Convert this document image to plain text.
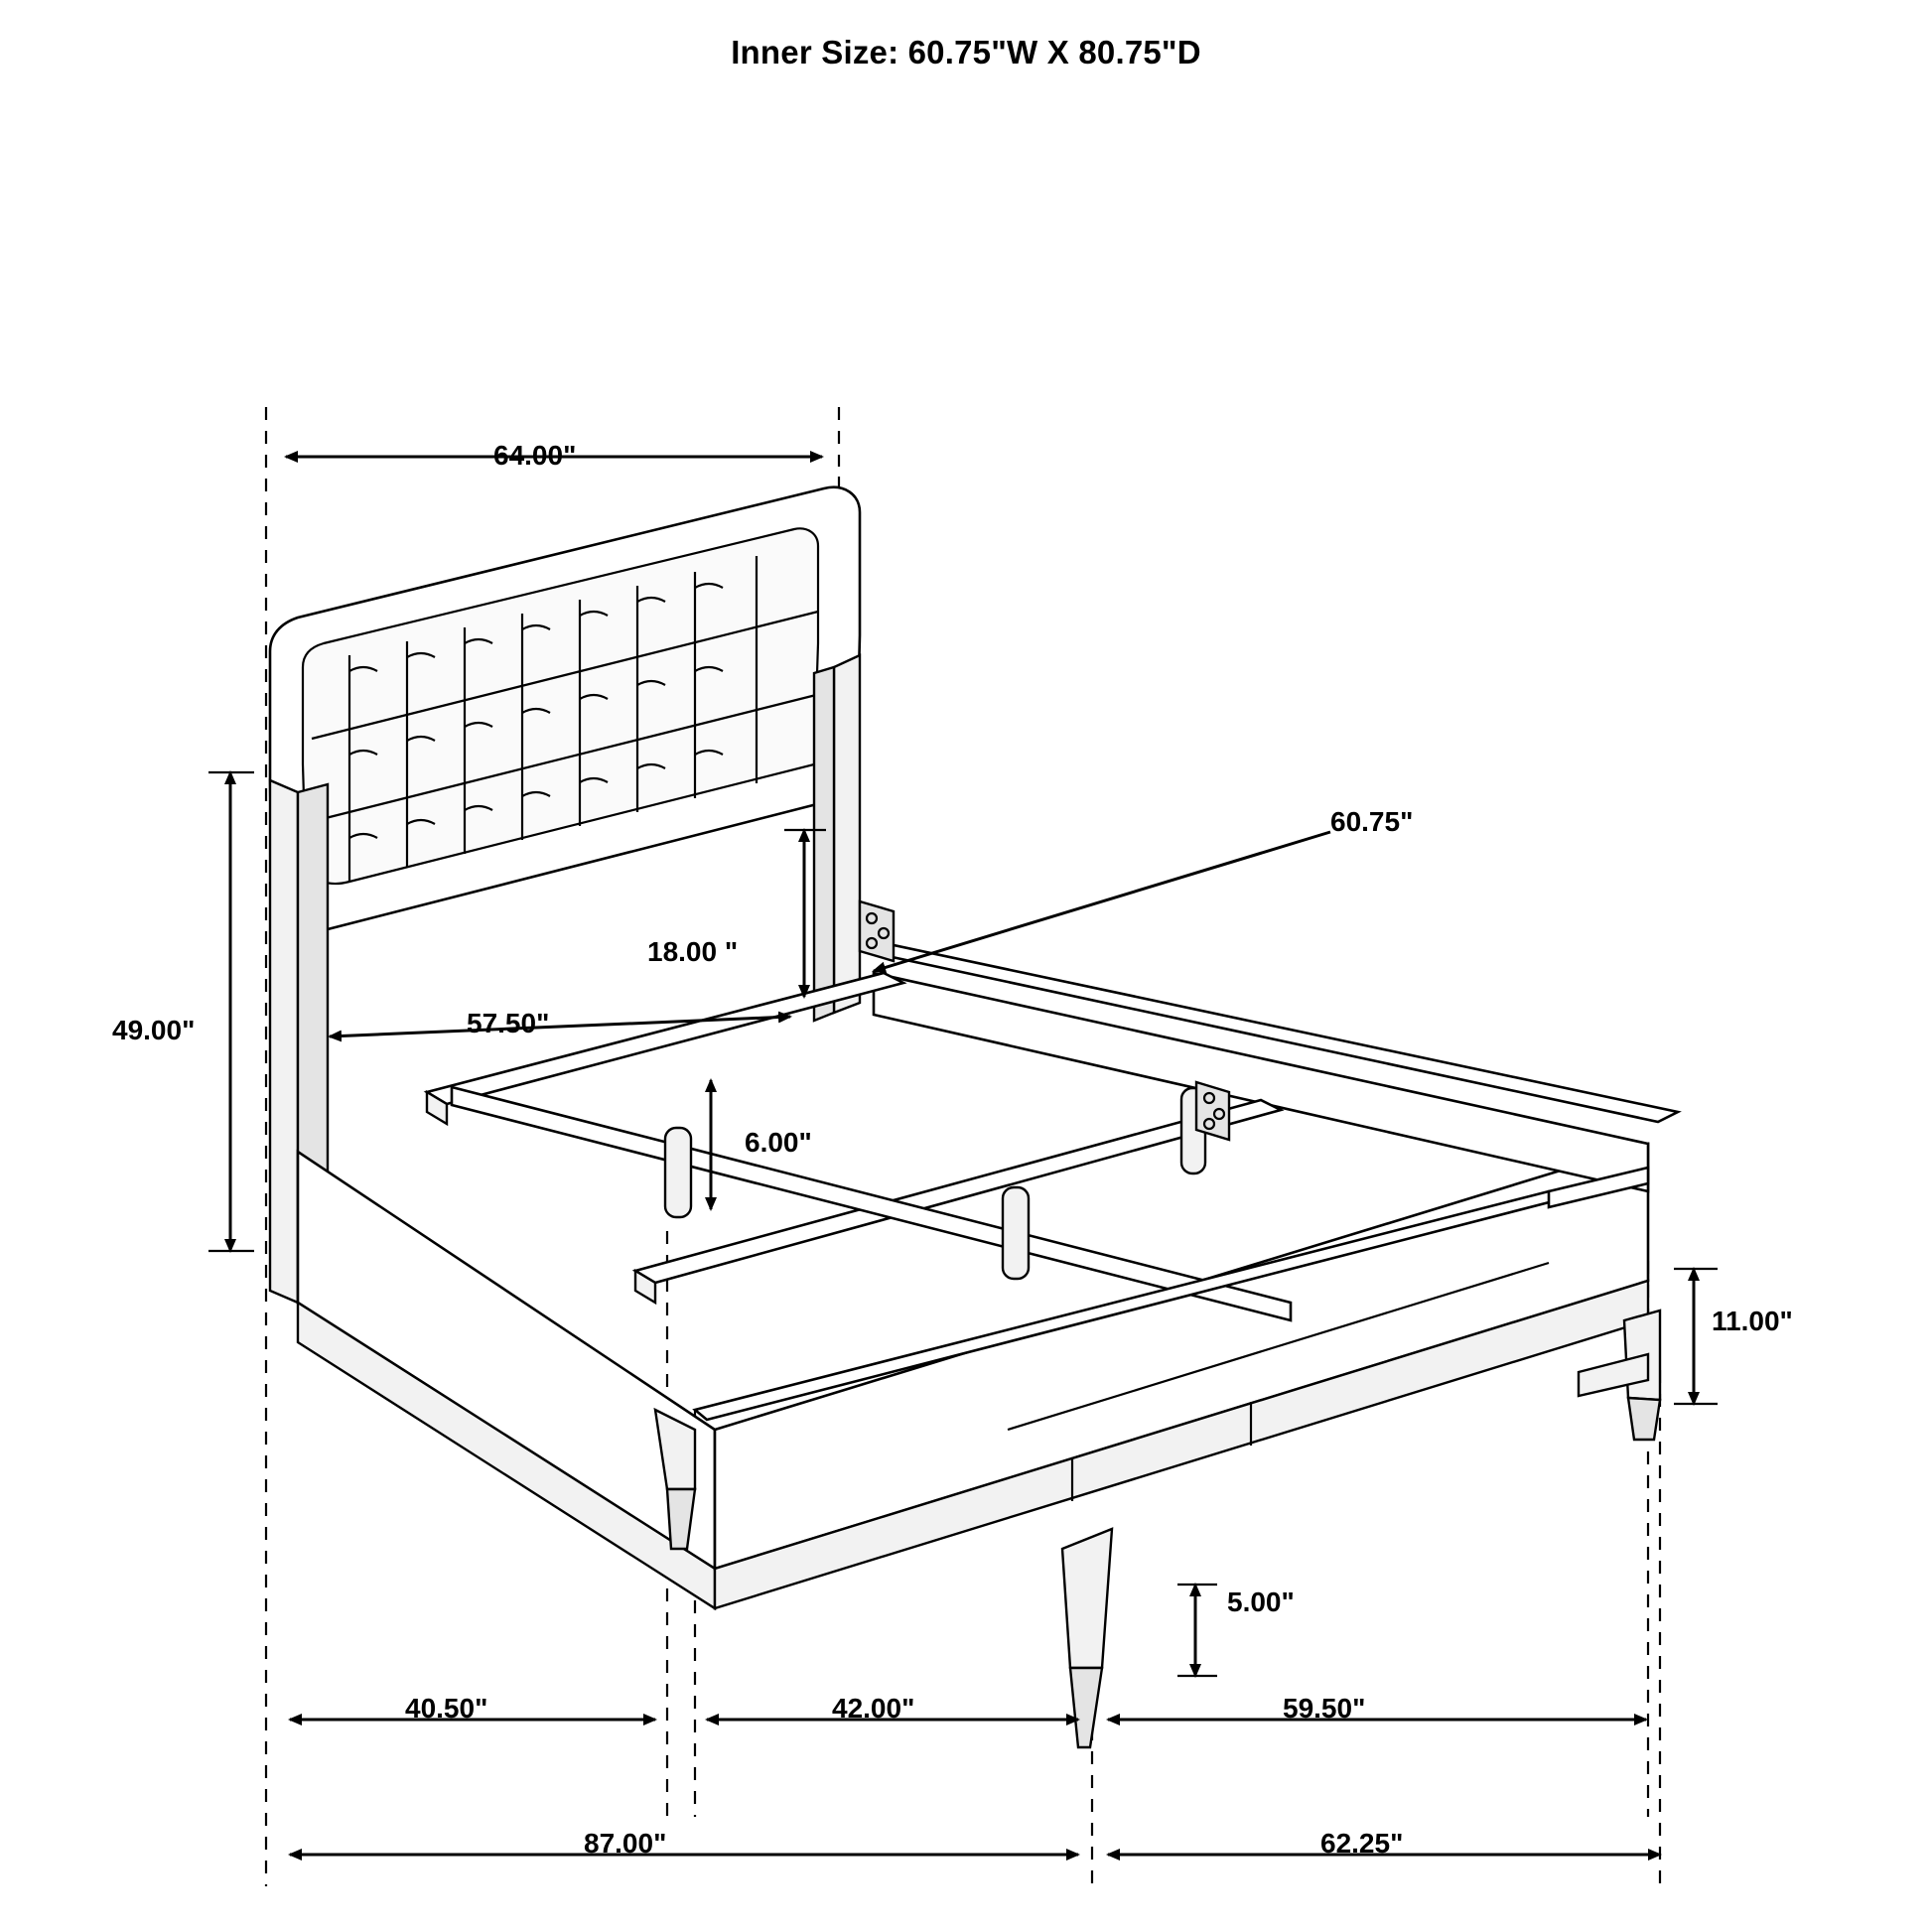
Inner Size: 60.75"W X 80.75"D
64.00"
49.00"	57.50"
18.00 "
60.75"
6.00"
11.00"
5.00"
40.50"	42.00"	59.50"
87.00"	62.25"
